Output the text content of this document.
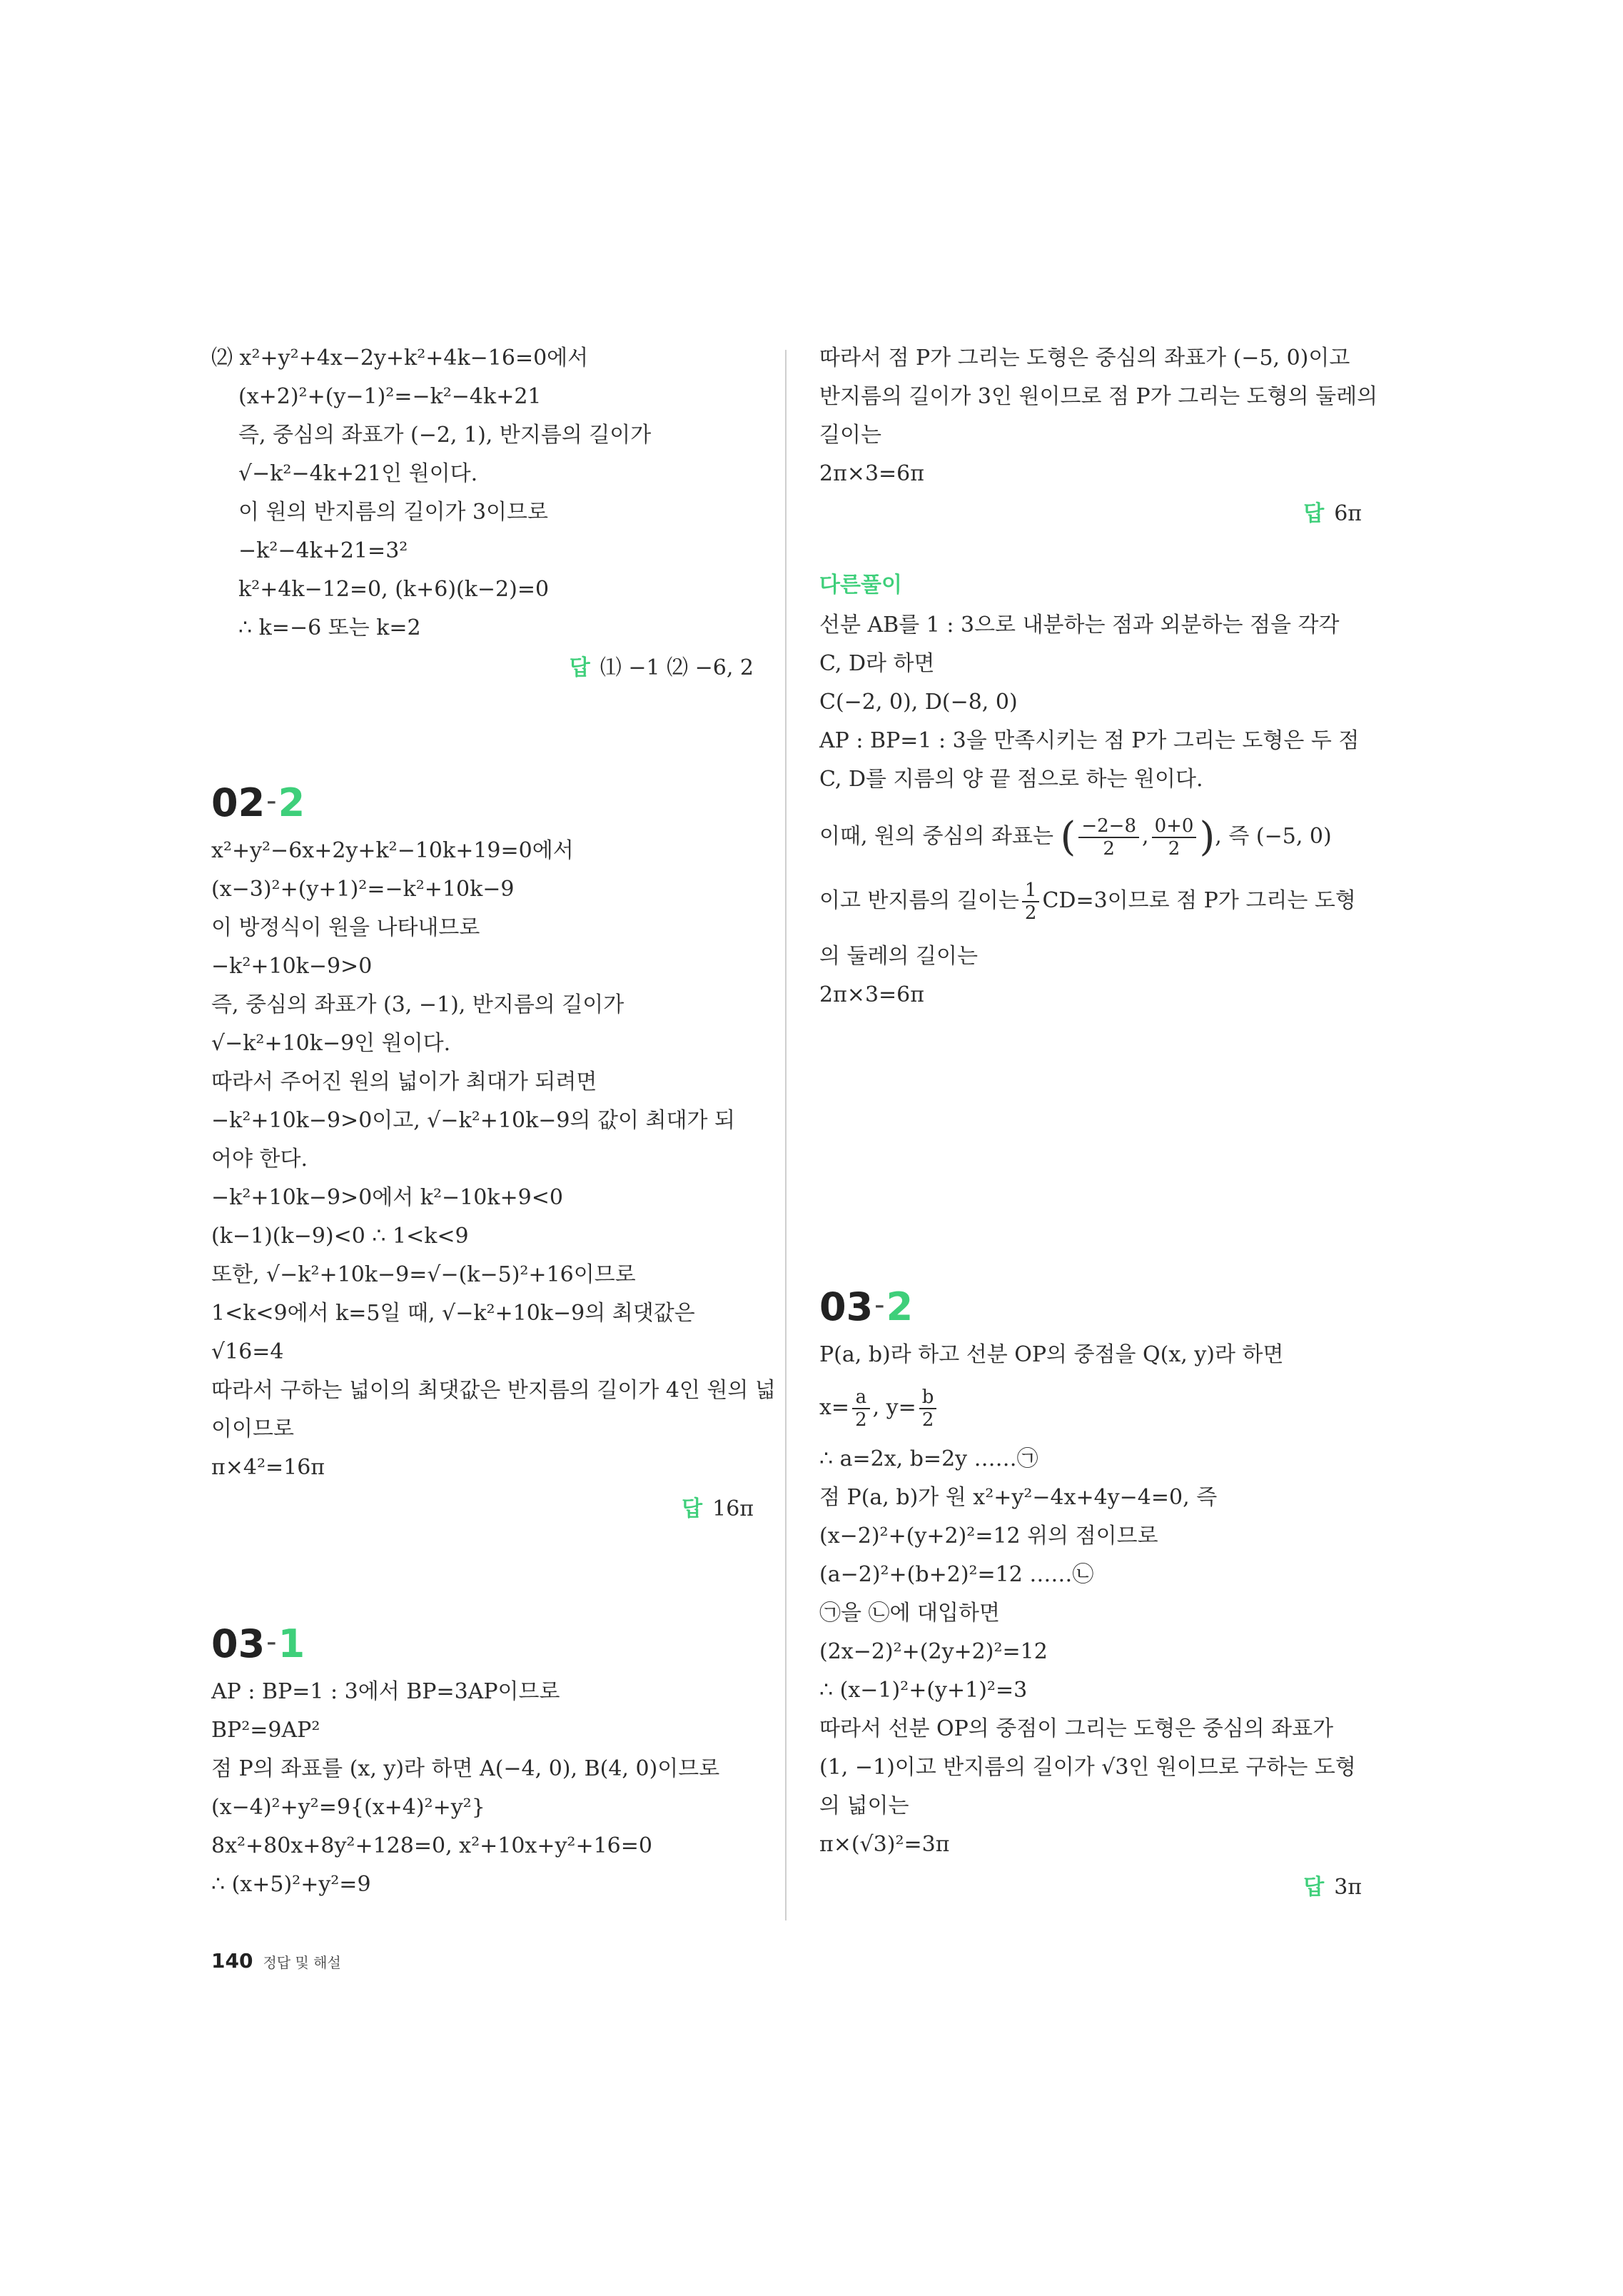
⑵ x²+y²+4x−2y+k²+4k−16=0에서
(x+2)²+(y−1)²=−k²−4k+21
즉, 중심의 좌표가 (−2, 1), 반지름의 길이가
√−k²−4k+21인 원이다.
이 원의 반지름의 길이가 3이므로
−k²−4k+21=3²
k²+4k−12=0, (k+6)(k−2)=0
∴ k=−6 또는 k=2
답 ⑴ −1 ⑵ −6, 2
02-2
x²+y²−6x+2y+k²−10k+19=0에서
(x−3)²+(y+1)²=−k²+10k−9
이 방정식이 원을 나타내므로
−k²+10k−9>0
즉, 중심의 좌표가 (3, −1), 반지름의 길이가
√−k²+10k−9인 원이다.
따라서 주어진 원의 넓이가 최대가 되려면
−k²+10k−9>0이고, √−k²+10k−9의 값이 최대가 되
어야 한다.
−k²+10k−9>0에서 k²−10k+9<0
(k−1)(k−9)<0 ∴ 1<k<9
또한, √−k²+10k−9=√−(k−5)²+16이므로
1<k<9에서 k=5일 때, √−k²+10k−9의 최댓값은
√16=4
따라서 구하는 넓이의 최댓값은 반지름의 길이가 4인 원의 넓
이이므로
π×4²=16π
답 16π
03-1
AP : BP=1 : 3에서 BP=3AP이므로
BP²=9AP²
점 P의 좌표를 (x, y)라 하면 A(−4, 0), B(4, 0)이므로
(x−4)²+y²=9{(x+4)²+y²}
8x²+80x+8y²+128=0, x²+10x+y²+16=0
∴ (x+5)²+y²=9
따라서 점 P가 그리는 도형은 중심의 좌표가 (−5, 0)이고
반지름의 길이가 3인 원이므로 점 P가 그리는 도형의 둘레의
길이는
2π×3=6π
답 6π
다른풀이
선분 AB를 1 : 3으로 내분하는 점과 외분하는 점을 각각
C, D라 하면
C(−2, 0), D(−8, 0)
AP : BP=1 : 3을 만족시키는 점 P가 그리는 도형은 두 점
C, D를 지름의 양 끝 점으로 하는 원이다.
이때, 원의 중심의 좌표는 ( $\frac{-2-8}{2}$ , $\frac{0+0}{2}$ ), 즉 (−5, 0)
이고 반지름의 길이는 $\frac{1}{2} CD=3$이므로 점 P가 그리는 도형
의 둘레의 길이는
2π×3=6π
03-2
P(a, b)라 하고 선분 OP의 중점을 Q(x, y)라 하면
$x= \frac{a}{2}$ , $y= \frac{b}{2}$
∴ a=2x, b=2y ……㉠
점 P(a, b)가 원 x²+y²−4x+4y−4=0, 즉
(x−2)²+(y+2)²=12 위의 점이므로
(a−2)²+(b+2)²=12 ……㉡
㉠을 ㉡에 대입하면
(2x−2)²+(2y+2)²=12
∴ (x−1)²+(y+1)²=3
따라서 선분 OP의 중점이 그리는 도형은 중심의 좌표가
(1, −1)이고 반지름의 길이가 √3인 원이므로 구하는 도형
의 넓이는
π×(√3)²=3π
답 3π
140 정답 및 해설
